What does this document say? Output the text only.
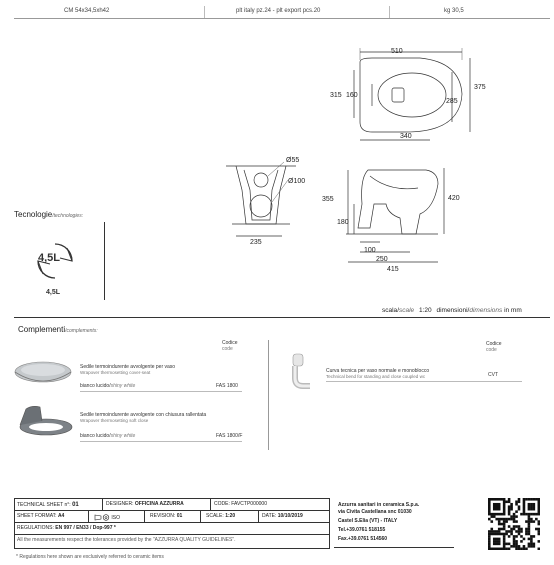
CM 54x34,5xh42	plt italy pz.24 - plt export pcs.20	kg 30,5
510
375
315 160
285
340
Ø55
Ø100
235
355
180
420
100
250
415
Tecnologie/technologies:
4,5L
4,5L
scala/scale 1:20 dimensioni/dimensions in mm
Complementi/complements:
Codice
code
Codice
code
Sedile termoindurente avvolgente per vaso
Wrapover thermosetting cover-seat
bianco lucido/shiny white	FAS 1800
Sedile termoindurente avvolgente con chiusura rallentata
Wrapover thermosetting soft close
bianco lucido/shiny white	FAS 1800/F
Curva tecnica per vaso normale e monoblocco
Technical bend for standing and close coupled wc	CVT
TECHNICAL SHEET n°: 01	DESIGNER: OFFICINA AZZURRA	CODE: FAVCTP000000
SHEET FORMAT: A4	ISO	REVISION: 01	SCALE: 1:20	DATE: 10/10/2019
REGULATIONS: EN 997 / EN33 / Dop-997 *
All the measurements respect the tolerances provided by the "AZZURRA QUALITY GUIDELINES".
Azzurra sanitari in ceramica S.p.a.
via Civita Castellana snc 01030
Castel S.Elia (VT) - ITALY
Tel.+39.0761 518155
Fax.+39.0761 514560
* Regulations here shown are exclusively referred to ceramic items
